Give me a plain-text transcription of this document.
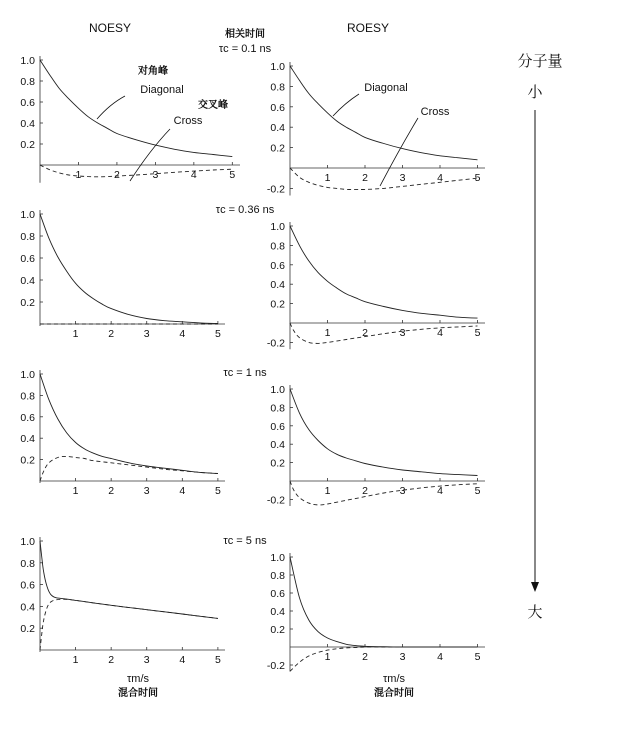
NOESY	ROESY
相关时间
τc = 0.1 ns
τc = 0.36 ns
τc = 1 ns
τc = 5 ns
1	2	3	4	5
0.2
0.4
0.6
0.8
1.0
1	2	3	4	5
-0.2
0.2
0.4
0.6
0.8
1.0
1	2	3	4	5
0.2
0.4
0.6
0.8
1.0
1	2	3	4	5
-0.2
0.2
0.4
0.6
0.8
1.0
1	2	3	4	5
0.2
0.4
0.6
0.8
1.0
1	2	3	4	5
-0.2
0.2
0.4
0.6
0.8
1.0
1	2	3	4	5
0.2
0.4
0.6
0.8
1.0
1	2	3	4	5
-0.2
0.2
0.4
0.6
0.8
1.0
对角峰
Diagonal
交叉峰
Cross
Diagonal
Cross
分子量
小
大
τm/s
混合时间
τm/s
混合时间
